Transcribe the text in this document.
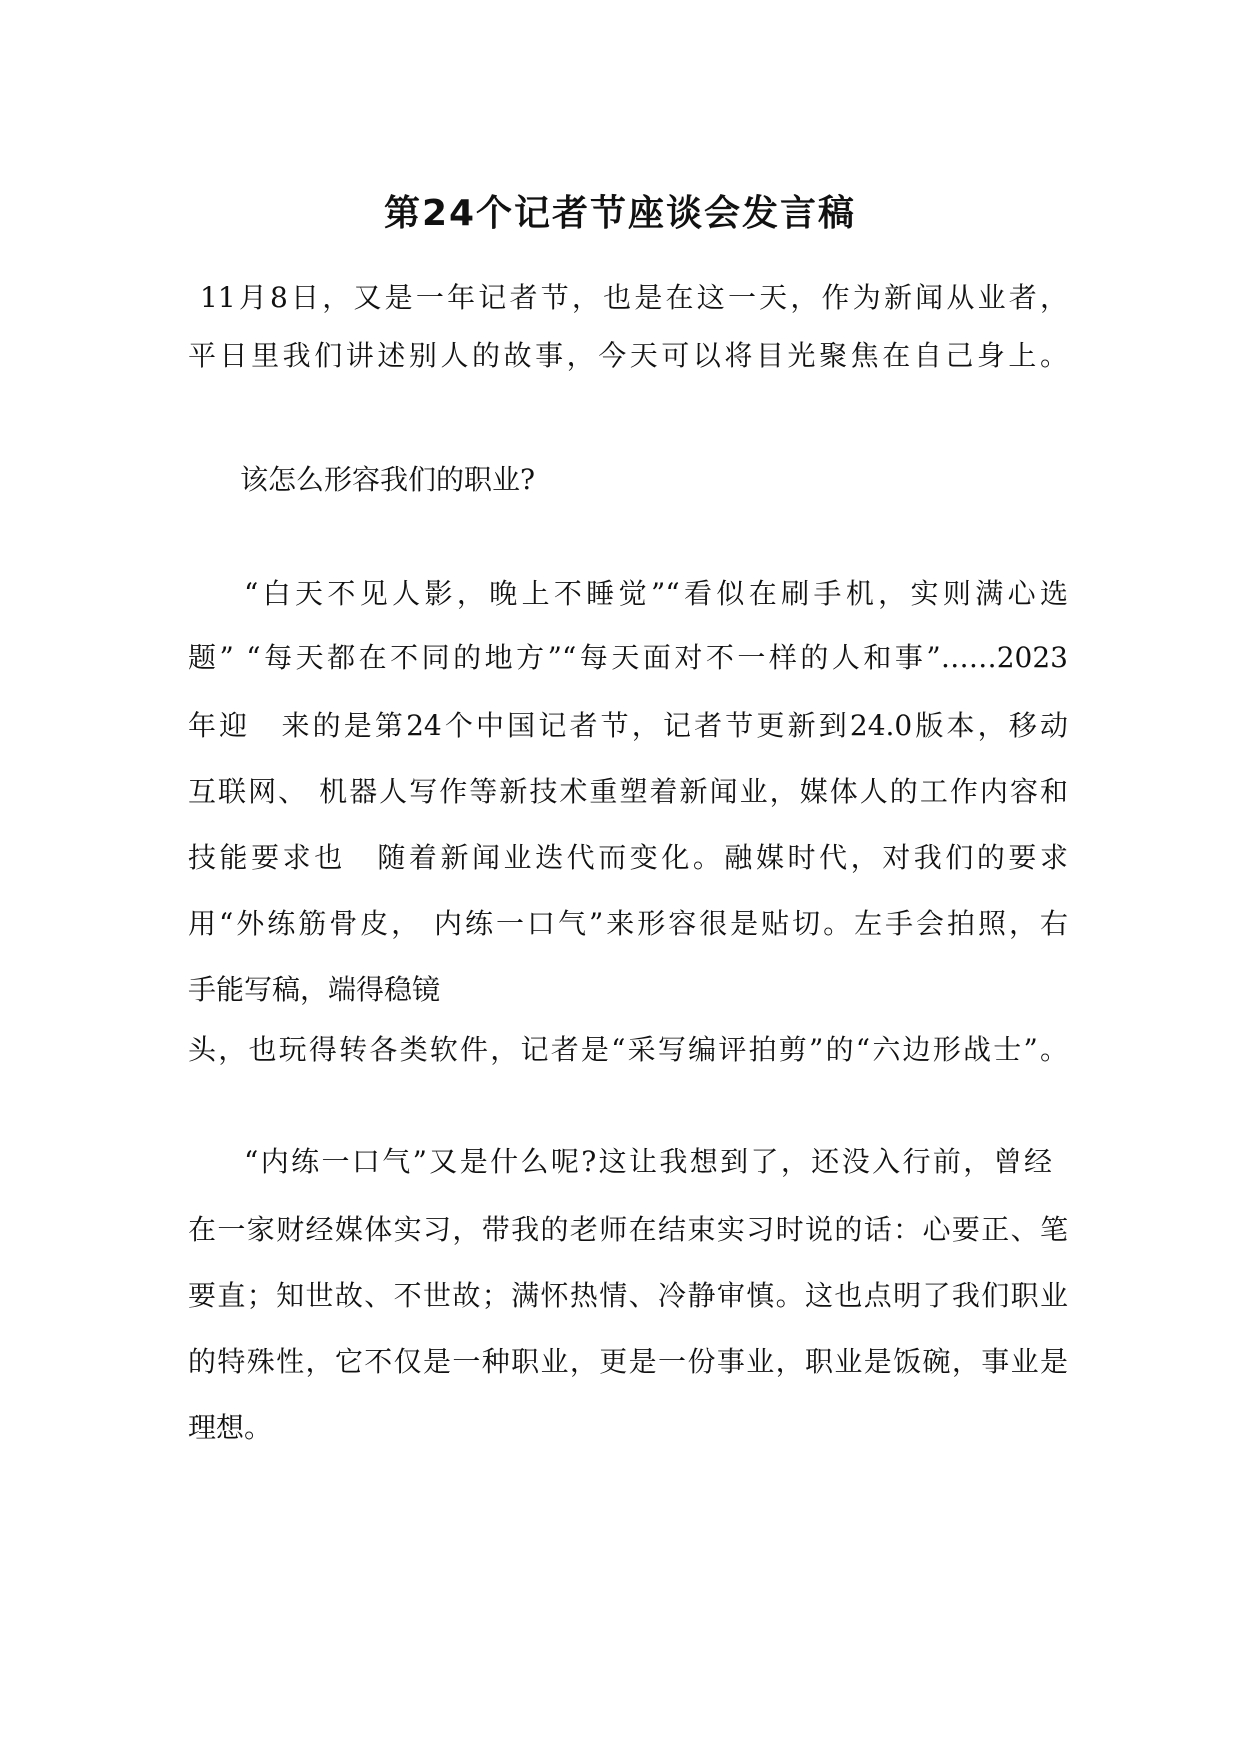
第24个记者节座谈会发言稿

11月8日，又是一年记者节，也是在这一天，作为新闻从业者，

平日里我们讲述别人的故事，今天可以将目光聚焦在自己身上。

该怎么形容我们的职业?

“白天不见人影，晚上不睡觉”“看似在刷手机，实则满心选

题” “每天都在不同的地方”“每天面对不一样的人和事”……2023

年迎　来的是第24个中国记者节，记者节更新到24.0版本，移动

互联网、 机器人写作等新技术重塑着新闻业，媒体人的工作内容和

技能要求也　随着新闻业迭代而变化。融媒时代，对我们的要求

用“外练筋骨皮， 内练一口气”来形容很是贴切。左手会拍照，右

手能写稿，端得稳镜

头，也玩得转各类软件，记者是“采写编评拍剪”的“六边形战士”。

“内练一口气”又是什么呢?这让我想到了，还没入行前，曾经

在一家财经媒体实习，带我的老师在结束实习时说的话：心要正、笔

要直；知世故、不世故；满怀热情、冷静审慎。这也点明了我们职业

的特殊性，它不仅是一种职业，更是一份事业，职业是饭碗，事业是

理想。
